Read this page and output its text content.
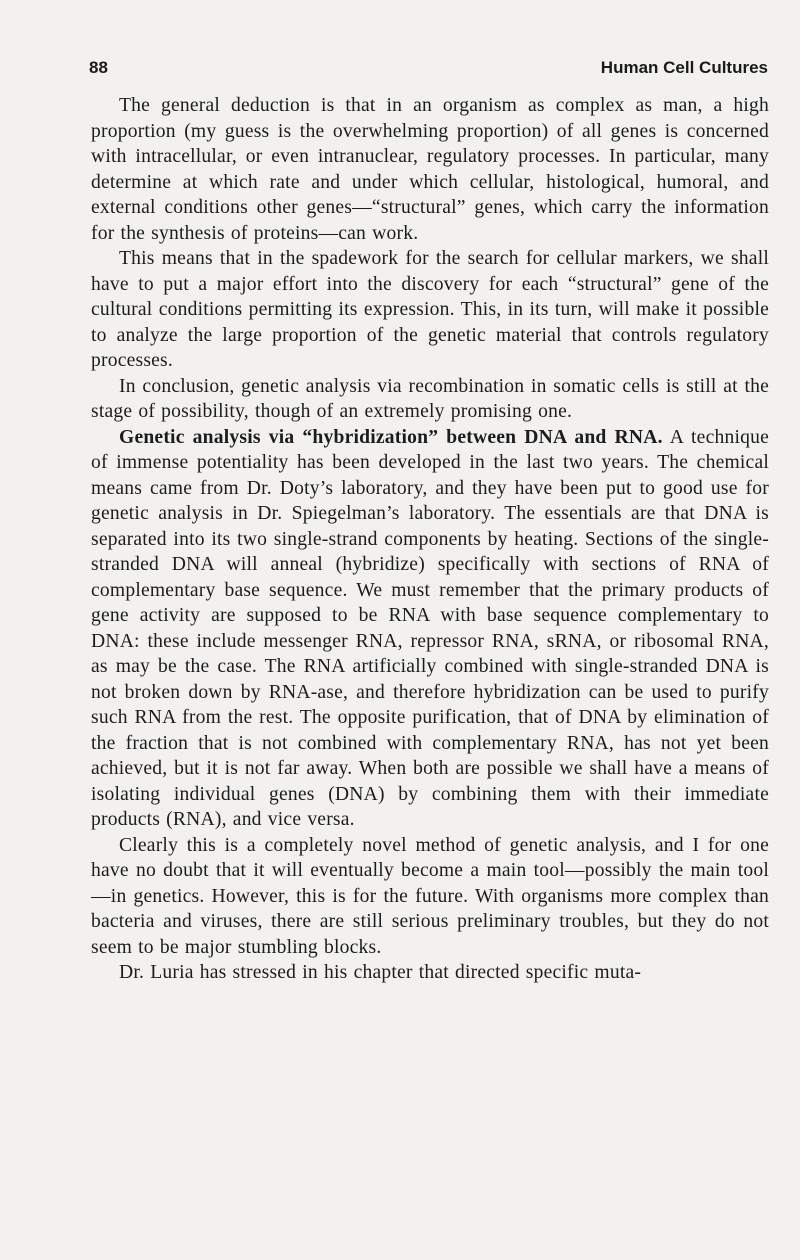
88	Human Cell Cultures

The general deduction is that in an organism as complex as man, a high proportion (my guess is the overwhelming proportion) of all genes is concerned with intracellular, or even intranuclear, regulatory processes. In particular, many determine at which rate and under which cellular, histological, humoral, and external conditions other genes—“structural” genes, which carry the information for the synthesis of proteins—can work.

This means that in the spadework for the search for cellular markers, we shall have to put a major effort into the discovery for each “structural” gene of the cultural conditions permitting its expression. This, in its turn, will make it possible to analyze the large proportion of the genetic material that controls regulatory processes.

In conclusion, genetic analysis via recombination in somatic cells is still at the stage of possibility, though of an extremely promising one.

Genetic analysis via “hybridization” between DNA and RNA. A technique of immense potentiality has been developed in the last two years. The chemical means came from Dr. Doty’s laboratory, and they have been put to good use for genetic analysis in Dr. Spiegelman’s laboratory. The essentials are that DNA is separated into its two single-strand components by heating. Sections of the single-stranded DNA will anneal (hybridize) specifically with sections of RNA of complementary base sequence. We must remember that the primary products of gene activity are supposed to be RNA with base sequence complementary to DNA: these include messenger RNA, repressor RNA, sRNA, or ribosomal RNA, as may be the case. The RNA artificially combined with single-stranded DNA is not broken down by RNA-ase, and therefore hybridization can be used to purify such RNA from the rest. The opposite purification, that of DNA by elimination of the fraction that is not combined with complementary RNA, has not yet been achieved, but it is not far away. When both are possible we shall have a means of isolating individual genes (DNA) by combining them with their immediate products (RNA), and vice versa.

Clearly this is a completely novel method of genetic analysis, and I for one have no doubt that it will eventually become a main tool—possibly the main tool—in genetics. However, this is for the future. With organisms more complex than bacteria and viruses, there are still serious preliminary troubles, but they do not seem to be major stumbling blocks.

Dr. Luria has stressed in his chapter that directed specific muta-
